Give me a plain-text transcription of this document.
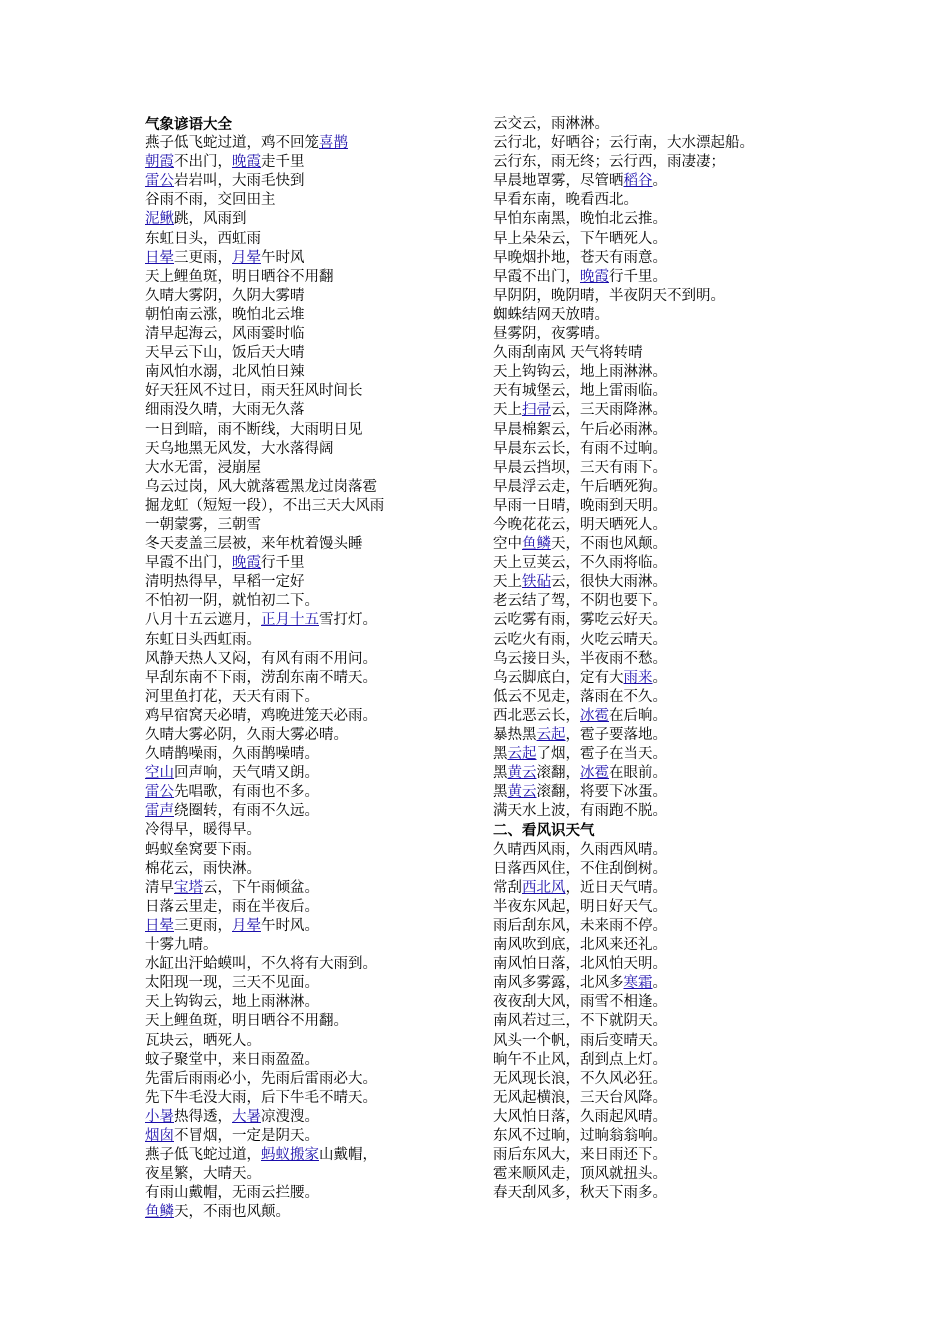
气象谚语大全
燕子低飞蛇过道，鸡不回笼喜鹊
朝霞不出门，晚霞走千里
雷公岩岩叫，大雨毛快到
谷雨不雨，交回田主
泥鳅跳，风雨到
东虹日头，西虹雨
日晕三更雨，月晕午时风
天上鲤鱼斑，明日晒谷不用翻
久晴大雾阴，久阴大雾晴
朝怕南云涨，晚怕北云堆
清早起海云，风雨霎时临
天早云下山，饭后天大晴
南风怕水溺，北风怕日辣
好天狂风不过日，雨天狂风时间长
细雨没久晴，大雨无久落
一日到暗，雨不断线，大雨明日见
天乌地黑无风发，大水落得阔
大水无雷，浸崩屋
乌云过岗，风大就落雹黑龙过岗落雹
掘龙虹（短短一段），不出三天大风雨
一朝蒙雾，三朝雪
冬天麦盖三层被，来年枕着馒头睡
早霞不出门，晚霞行千里
清明热得早，早稻一定好
不怕初一阴，就怕初二下。
八月十五云遮月，正月十五雪打灯。
东虹日头西虹雨。
风静天热人又闷，有风有雨不用问。
早刮东南不下雨，涝刮东南不晴天。
河里鱼打花，天天有雨下。
鸡早宿窝天必晴，鸡晚进笼天必雨。
久晴大雾必阴，久雨大雾必晴。
久晴鹊噪雨，久雨鹊噪晴。
空山回声响，天气晴又朗。
雷公先唱歌，有雨也不多。
雷声绕圈转，有雨不久远。
冷得早，暖得早。
蚂蚁垒窝要下雨。
棉花云，雨快淋。
清早宝塔云，下午雨倾盆。
日落云里走，雨在半夜后。
日晕三更雨，月晕午时风。
十雾九晴。
水缸出汗蛤蟆叫，不久将有大雨到。
太阳现一现，三天不见面。
天上钩钩云，地上雨淋淋。
天上鲤鱼斑，明日晒谷不用翻。
瓦块云，晒死人。
蚊子聚堂中，来日雨盈盈。
先雷后雨雨必小，先雨后雷雨必大。
先下牛毛没大雨，后下牛毛不晴天。
小暑热得透，大暑凉溲溲。
烟囱不冒烟，一定是阴天。
燕子低飞蛇过道，蚂蚁搬家山戴帽，
夜星繁，大晴天。
有雨山戴帽，无雨云拦腰。
鱼鳞天，不雨也风颠。
云交云，雨淋淋。
云行北，好晒谷；云行南，大水漂起船。
云行东，雨无终；云行西，雨凄凄；
早晨地罩雾，尽管晒稻谷。
早看东南，晚看西北。
早怕东南黑，晚怕北云推。
早上朵朵云，下午晒死人。
早晚烟扑地，苍天有雨意。
早霞不出门，晚霞行千里。
早阴阴，晚阴晴，半夜阴天不到明。
蜘蛛结网天放晴。
昼雾阴，夜雾晴。
久雨刮南风 天气将转晴
天上钩钩云，地上雨淋淋。
天有城堡云，地上雷雨临。
天上扫帚云，三天雨降淋。
早晨棉絮云，午后必雨淋。
早晨东云长，有雨不过晌。
早晨云挡坝，三天有雨下。
早晨浮云走，午后晒死狗。
早雨一日晴，晚雨到天明。
今晚花花云，明天晒死人。
空中鱼鳞天，不雨也风颠。
天上豆荚云，不久雨将临。
天上铁砧云，很快大雨淋。
老云结了驾，不阴也要下。
云吃雾有雨，雾吃云好天。
云吃火有雨，火吃云晴天。
乌云接日头，半夜雨不愁。
乌云脚底白，定有大雨来。
低云不见走，落雨在不久。
西北恶云长，冰雹在后晌。
暴热黑云起，雹子要落地。
黑云起了烟，雹子在当天。
黑黄云滚翻，冰雹在眼前。
黑黄云滚翻，将要下冰蛋。
满天水上波，有雨跑不脱。
二、看风识天气
久晴西风雨，久雨西风晴。
日落西风住，不住刮倒树。
常刮西北风，近日天气晴。
半夜东风起，明日好天气。
雨后刮东风，未来雨不停。
南风吹到底，北风来还礼。
南风怕日落，北风怕天明。
南风多雾露，北风多寒霜。
夜夜刮大风，雨雪不相逢。
南风若过三，不下就阴天。
风头一个帆，雨后变晴天。
晌午不止风，刮到点上灯。
无风现长浪，不久风必狂。
无风起横浪，三天台风降。
大风怕日落，久雨起风晴。
东风不过晌，过晌翁翁响。
雨后东风大，来日雨还下。
雹来顺风走，顶风就扭头。
春天刮风多，秋天下雨多。
